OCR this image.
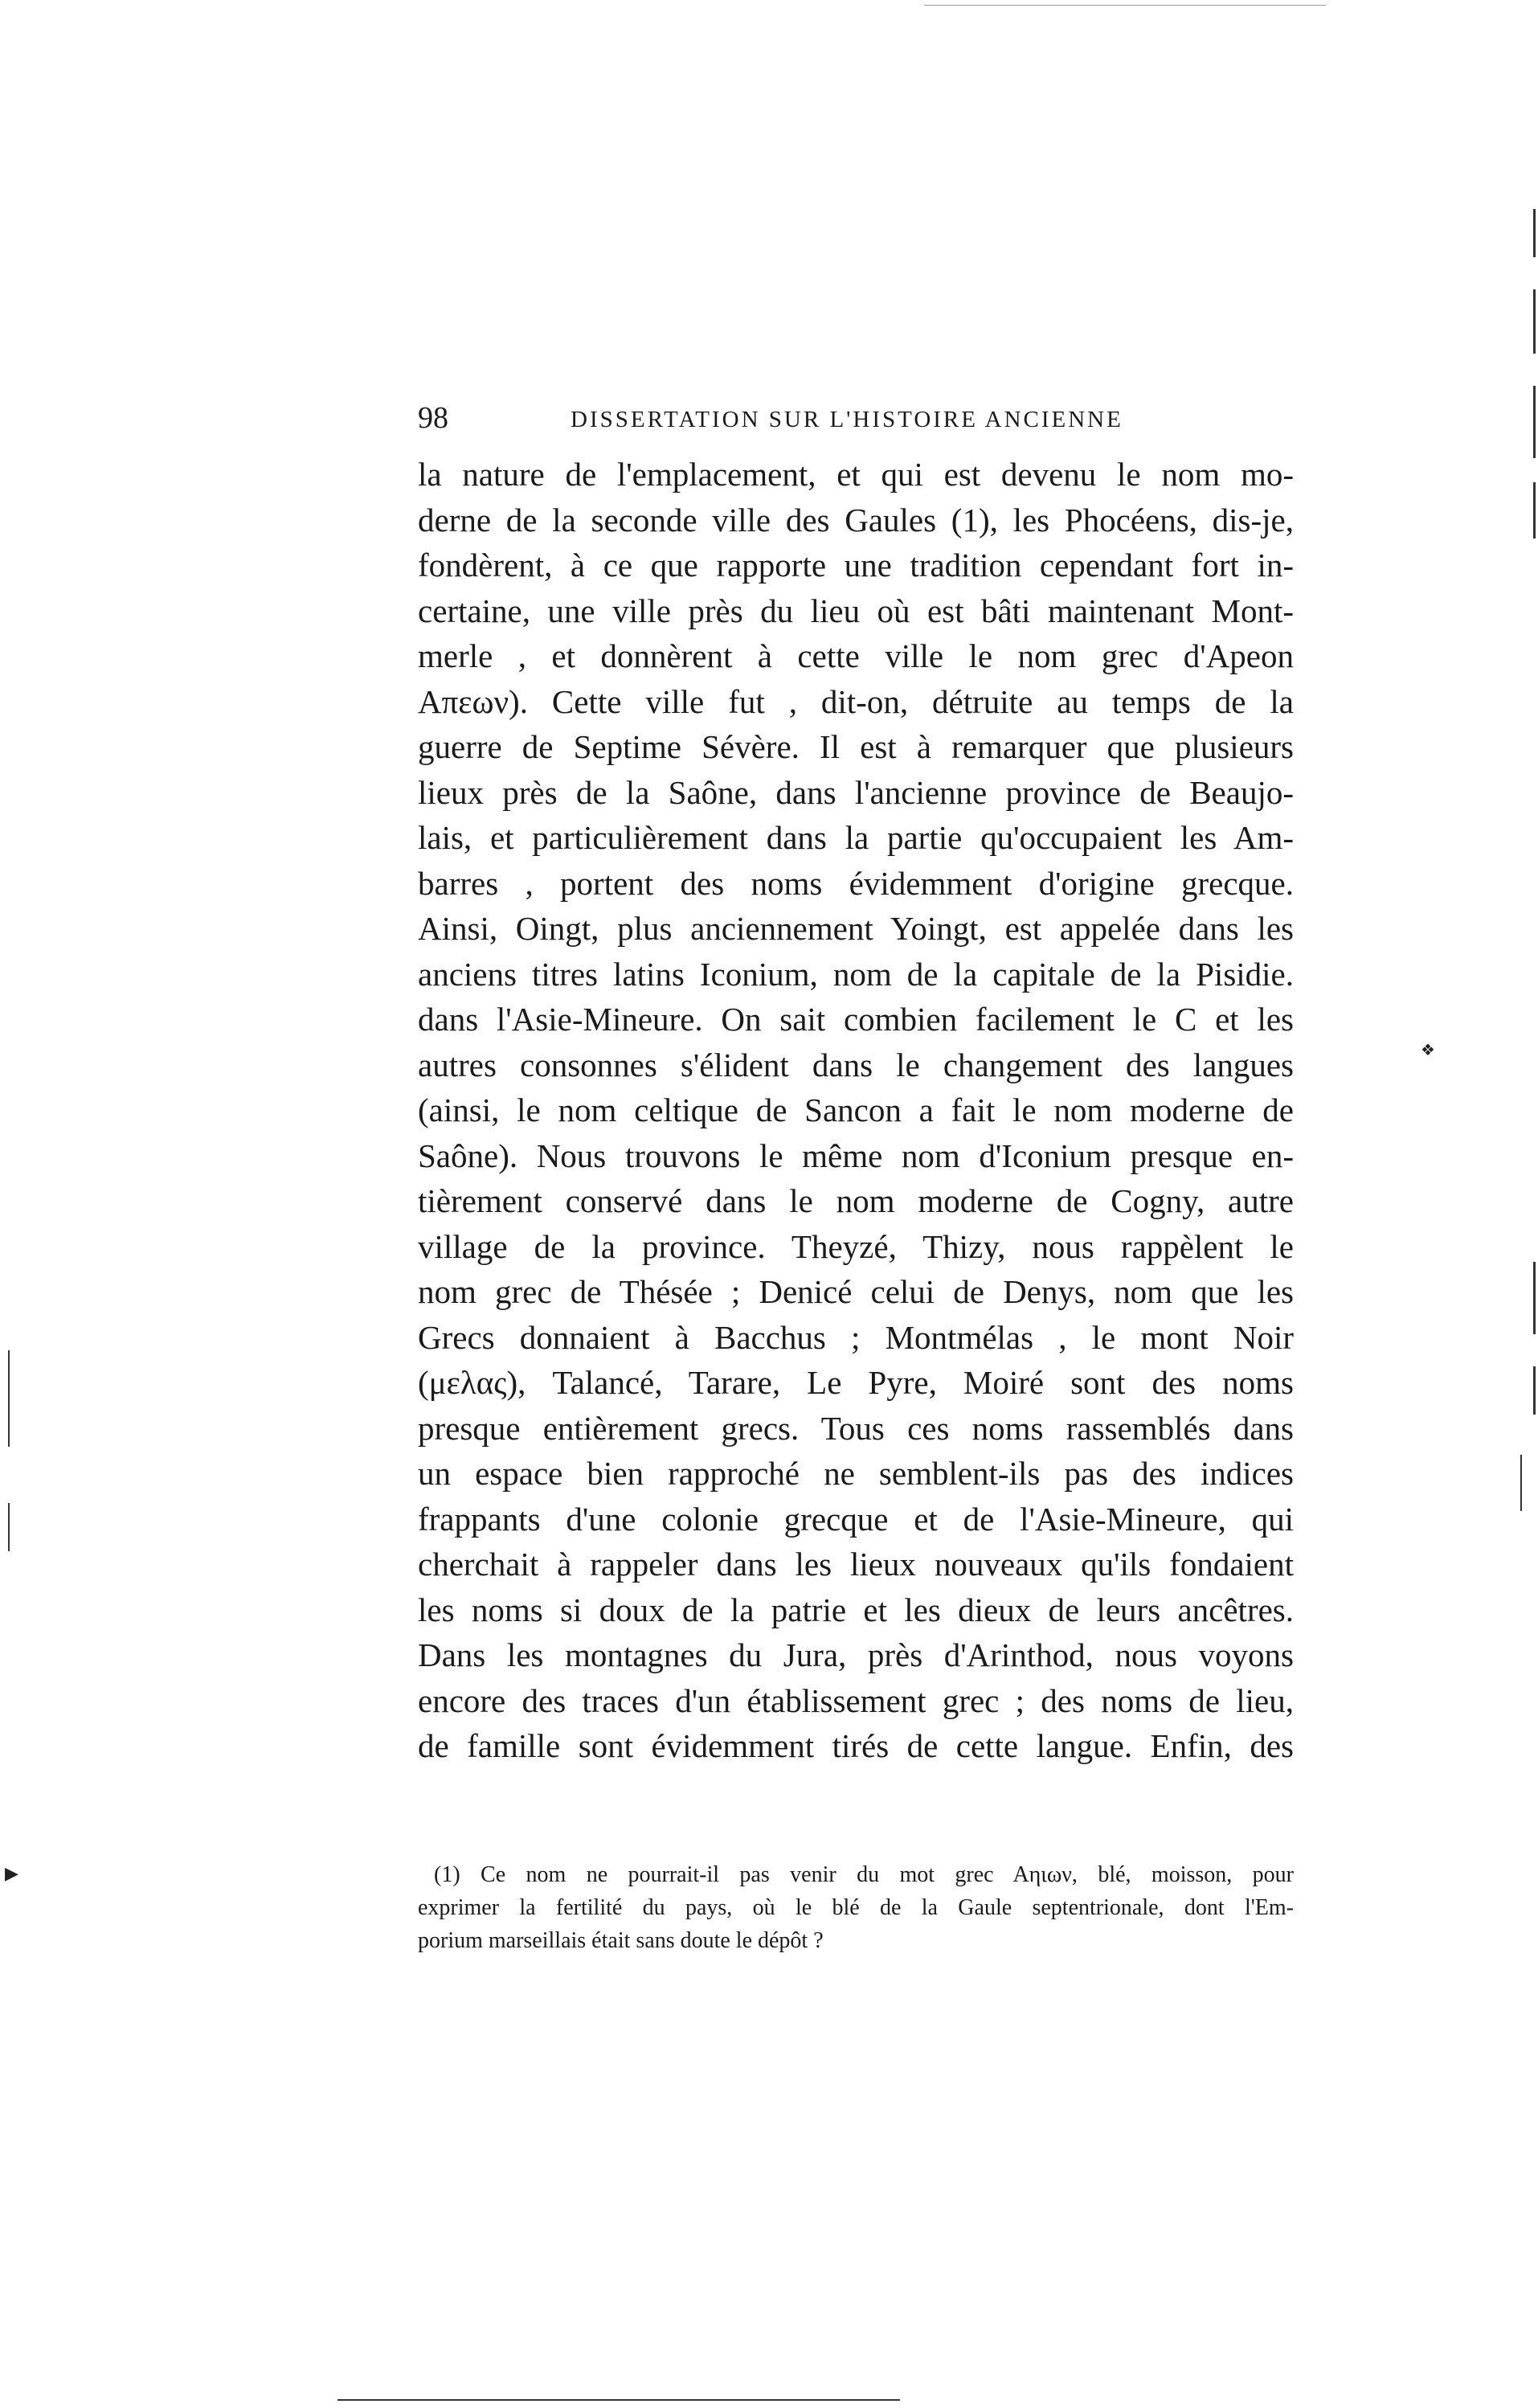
98	DISSERTATION SUR L'HISTOIRE ANCIENNE
la nature de l'emplacement, et qui est devenu le nom mo-
derne de la seconde ville des Gaules (1), les Phocéens, dis-je,
fondèrent, à ce que rapporte une tradition cependant fort in-
certaine, une ville près du lieu où est bâti maintenant Mont-
merle , et donnèrent à cette ville le nom grec d'Apeon
Aπεων). Cette ville fut , dit-on, détruite au temps de la
guerre de Septime Sévère. Il est à remarquer que plusieurs
lieux près de la Saône, dans l'ancienne province de Beaujo-
lais, et particulièrement dans la partie qu'occupaient les Am-
barres , portent des noms évidemment d'origine grecque.
Ainsi, Oingt, plus anciennement Yoingt, est appelée dans les
anciens titres latins Iconium, nom de la capitale de la Pisidie.
dans l'Asie-Mineure. On sait combien facilement le C et les
autres consonnes s'élident dans le changement des langues
(ainsi, le nom celtique de Sancon a fait le nom moderne de
Saône). Nous trouvons le même nom d'Iconium presque en-
tièrement conservé dans le nom moderne de Cogny, autre
village de la province. Theyzé, Thizy, nous rappèlent le
nom grec de Thésée ; Denicé celui de Denys, nom que les
Grecs donnaient à Bacchus ; Montmélas , le mont Noir
(μελας), Talancé, Tarare, Le Pyre, Moiré sont des noms
presque entièrement grecs. Tous ces noms rassemblés dans
un espace bien rapproché ne semblent-ils pas des indices
frappants d'une colonie grecque et de l'Asie-Mineure, qui
cherchait à rappeler dans les lieux nouveaux qu'ils fondaient
les noms si doux de la patrie et les dieux de leurs ancêtres.
Dans les montagnes du Jura, près d'Arinthod, nous voyons
encore des traces d'un établissement grec ; des noms de lieu,
de famille sont évidemment tirés de cette langue. Enfin, des
(1) Ce nom ne pourrait-il pas venir du mot grec Aηιων, blé, moisson, pour
exprimer la fertilité du pays, où le blé de la Gaule septentrionale, dont l'Em-
porium marseillais était sans doute le dépôt ?
❖
▶
